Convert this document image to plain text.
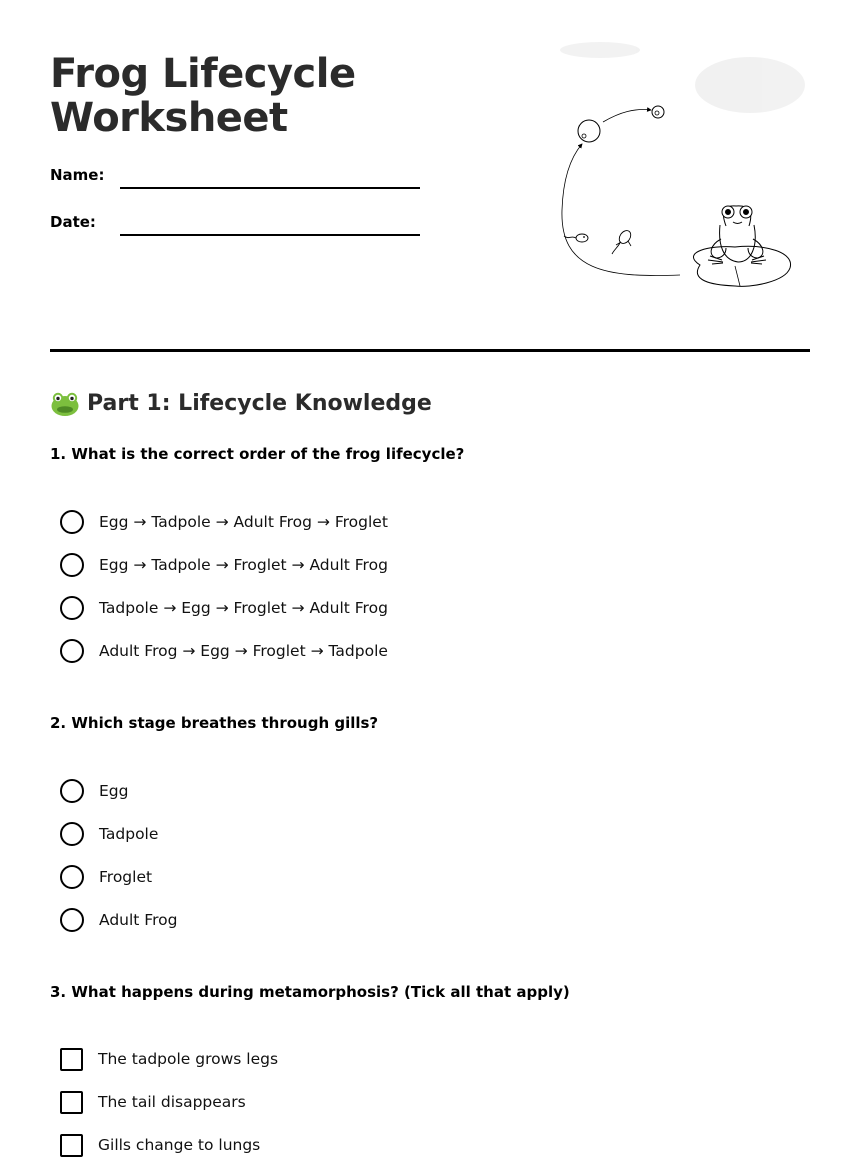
Frog Lifecycle Worksheet
Name:
Date:
Part 1: Lifecycle Knowledge
1. What is the correct order of the frog lifecycle?
Egg → Tadpole → Adult Frog → Froglet
Egg → Tadpole → Froglet → Adult Frog
Tadpole → Egg → Froglet → Adult Frog
Adult Frog → Egg → Froglet → Tadpole
2. Which stage breathes through gills?
Egg
Tadpole
Froglet
Adult Frog
3. What happens during metamorphosis? (Tick all that apply)
The tadpole grows legs
The tail disappears
Gills change to lungs
